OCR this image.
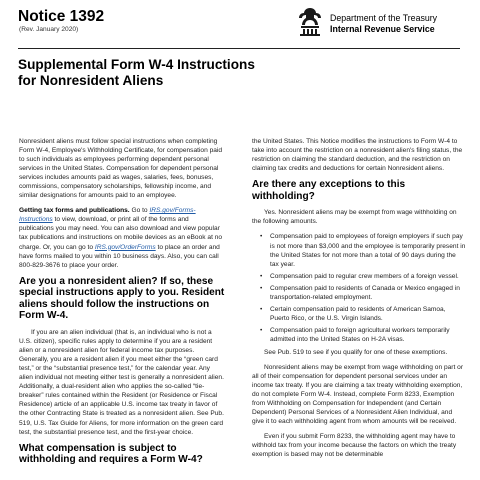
Notice 1392
(Rev. January 2020)
Department of the Treasury
Internal Revenue Service
Supplemental Form W-4 Instructions
for Nonresident Aliens

Nonresident aliens must follow special instructions when completing Form W-4, Employee's Withholding Certificate, for compensation paid to such individuals as employees performing dependent personal services in the United States. Compensation for dependent personal services includes amounts paid as wages, salaries, fees, bonuses, commissions, compensatory scholarships, fellowship income, and similar designations for amounts paid to an employee.

Getting tax forms and publications. Go to IRS.gov/Forms-Instructions to view, download, or print all of the forms and publications you may need. You can also download and view popular tax publications and instructions on mobile devices as an eBook at no charge. Or, you can go to IRS.gov/OrderForms to place an order and have forms mailed to you within 10 business days. Also, you can call 800-829-3676 to place your order.

Are you a nonresident alien? If so, these special instructions apply to you. Resident aliens should follow the instructions on Form W-4.

If you are an alien individual (that is, an individual who is not a U.S. citizen), specific rules apply to determine if you are a resident alien or a nonresident alien for federal income tax purposes. Generally, you are a resident alien if you meet either the “green card test,” or the “substantial presence test,” for the calendar year. Any alien individual not meeting either test is generally a nonresident alien. Additionally, a dual-resident alien who applies the so-called “tie-breaker” rules contained within the Resident (or Residence or Fiscal Residence) article of an applicable U.S. income tax treaty in favor of the other Contracting State is treated as a nonresident alien. See Pub. 519, U.S. Tax Guide for Aliens, for more information on the green card test, the substantial presence test, and the first-year choice.

What compensation is subject to withholding and requires a Form W-4?

the United States. This Notice modifies the instructions to Form W-4 to take into account the restriction on a nonresident alien's filing status, the restriction on claiming the standard deduction, and the restriction on claiming tax credits and deductions for certain Nonresident aliens.

Are there any exceptions to this withholding?

Yes. Nonresident aliens may be exempt from wage withholding on the following amounts.

• Compensation paid to employees of foreign employers if such pay is not more than $3,000 and the employee is temporarily present in the United States for not more than a total of 90 days during the tax year.
• Compensation paid to regular crew members of a foreign vessel.
• Compensation paid to residents of Canada or Mexico engaged in transportation-related employment.
• Certain compensation paid to residents of American Samoa, Puerto Rico, or the U.S. Virgin Islands.
• Compensation paid to foreign agricultural workers temporarily admitted into the United States on H-2A visas.

See Pub. 519 to see if you qualify for one of these exemptions.

Nonresident aliens may be exempt from wage withholding on part or all of their compensation for dependent personal services under an income tax treaty. If you are claiming a tax treaty withholding exemption, do not complete Form W-4. Instead, complete Form 8233, Exemption from Withholding on Compensation for Independent (and Certain Dependent) Personal Services of a Nonresident Alien Individual, and give it to each withholding agent from whom amounts will be received.

Even if you submit Form 8233, the withholding agent may have to withhold tax from your income because the factors on which the treaty exemption is based may not be determinable
